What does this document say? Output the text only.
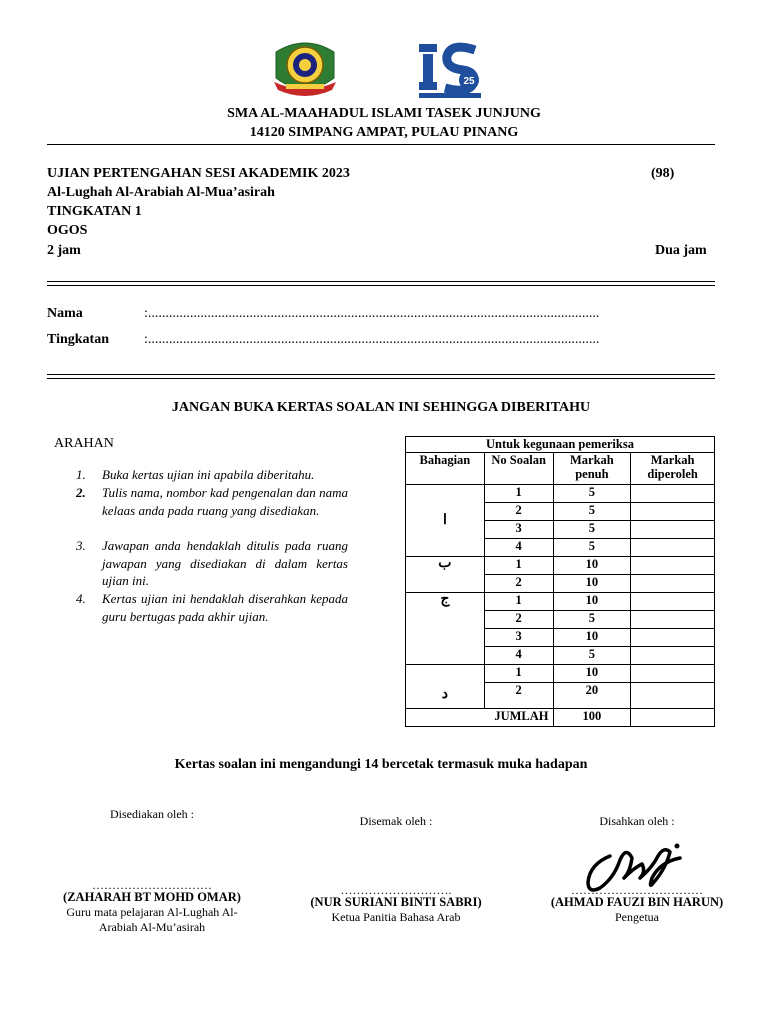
25
SMA AL-MAAHADUL ISLAMI TASEK JUNJUNG
14120 SIMPANG AMPAT, PULAU PINANG
UJIAN PERTENGAHAN SESI AKADEMIK 2023	(98)
Al-Lughah Al-Arabiah Al-Mua’asirah
TINGKATAN 1
OGOS
2 jam	Dua jam
Nama	:.................................................................................................................................
Tingkatan	:.................................................................................................................................
JANGAN BUKA KERTAS SOALAN INI SEHINGGA DIBERITAHU
ARAHAN
1.	Buka kertas ujian ini apabila diberitahu.
2.	Tulis nama, nombor kad pengenalan dan nama kelaas anda pada ruang yang disediakan.
3.	Jawapan anda hendaklah ditulis pada ruang jawapan yang disediakan di dalam kertas ujian ini.
4.	Kertas ujian ini hendaklah diserahkan kepada guru bertugas pada akhir ujian.
Untuk kegunaan pemeriksa			
Bahagian	No Soalan	Markah penuh	Markah diperoleh
ا	1	5	
	2	5	
	3	5	
	4	5	
ب	1	10	
	2	10	
ج	1	10	
	2	5	
	3	10	
	4	5	
د	1	10	
	2	20	
JUMLAH		100	
Kertas soalan ini mengandungi 14 bercetak termasuk muka hadapan
Disediakan oleh :
…………………………
(ZAHARAH BT MOHD OMAR)
Guru mata pelajaran Al-Lughah Al-Arabiah Al-Mu’asirah
Disemak oleh :
……………………….
(NUR SURIANI BINTI SABRI)
Ketua Panitia Bahasa Arab
Disahkan oleh :
……………………………
(AHMAD FAUZI BIN HARUN)
Pengetua
